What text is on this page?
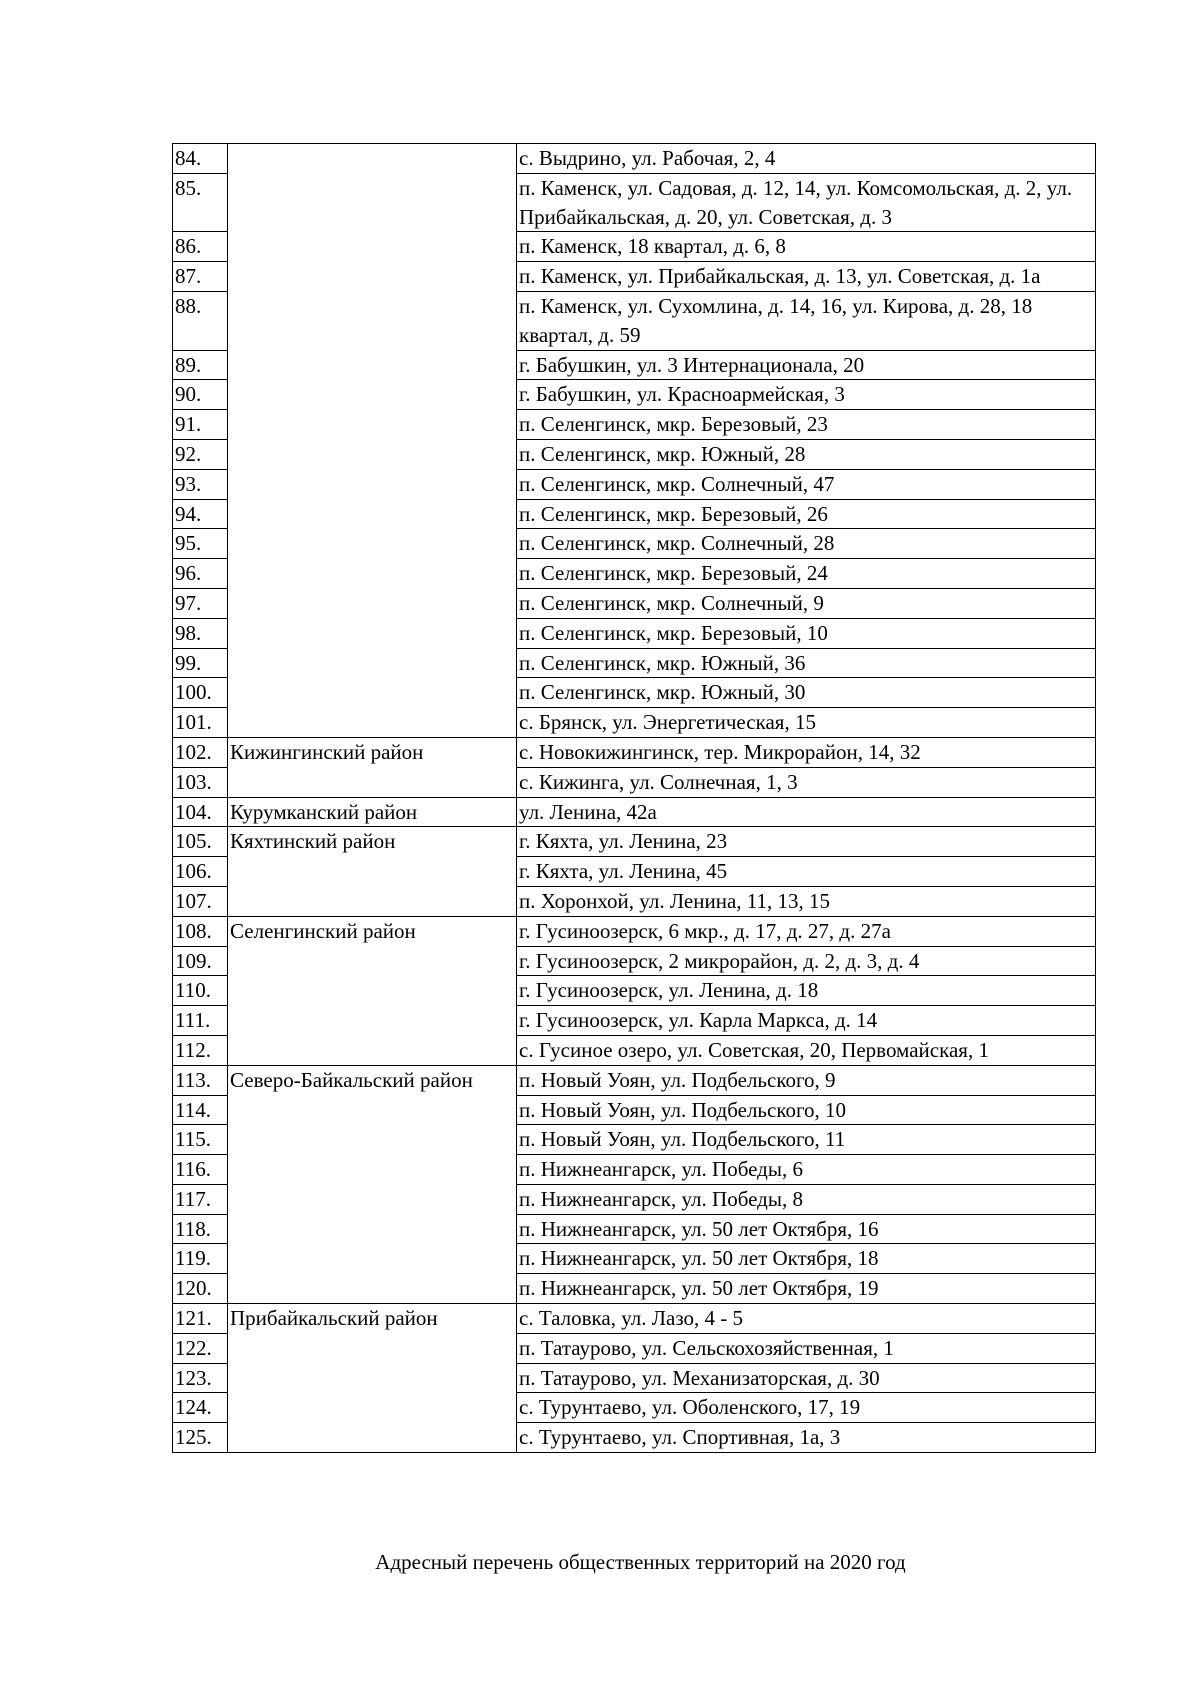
84.		с. Выдрино, ул. Рабочая, 2, 4
85.		п. Каменск, ул. Садовая, д. 12, 14, ул. Комсомольская, д. 2, ул. Прибайкальская, д. 20, ул. Советская, д. 3
86.		п. Каменск, 18 квартал, д. 6, 8
87.		п. Каменск, ул. Прибайкальская, д. 13, ул. Советская, д. 1а
88.		п. Каменск, ул. Сухомлина, д. 14, 16, ул. Кирова, д. 28, 18 квартал, д. 59
89.		г. Бабушкин, ул. 3 Интернационала, 20
90.		г. Бабушкин, ул. Красноармейская, 3
91.		п. Селенгинск, мкр. Березовый, 23
92.		п. Селенгинск, мкр. Южный, 28
93.		п. Селенгинск, мкр. Солнечный, 47
94.		п. Селенгинск, мкр. Березовый, 26
95.		п. Селенгинск, мкр. Солнечный, 28
96.		п. Селенгинск, мкр. Березовый, 24
97.		п. Селенгинск, мкр. Солнечный, 9
98.		п. Селенгинск, мкр. Березовый, 10
99.		п. Селенгинск, мкр. Южный, 36
100.		п. Селенгинск, мкр. Южный, 30
101.		с. Брянск, ул. Энергетическая, 15
102.	Кижингинский район	с. Новокижингинск, тер. Микрорайон, 14, 32
103.		с. Кижинга, ул. Солнечная, 1, 3
104.	Курумканский район	ул. Ленина, 42а
105.	Кяхтинский район	г. Кяхта, ул. Ленина, 23
106.		г. Кяхта, ул. Ленина, 45
107.		п. Хоронхой, ул. Ленина, 11, 13, 15
108.	Селенгинский район	г. Гусиноозерск, 6 мкр., д. 17, д. 27, д. 27а
109.		г. Гусиноозерск, 2 микрорайон, д. 2, д. 3, д. 4
110.		г. Гусиноозерск, ул. Ленина, д. 18
111.		г. Гусиноозерск, ул. Карла Маркса, д. 14
112.		с. Гусиное озеро, ул. Советская, 20, Первомайская, 1
113.	Северо-Байкальский район	п. Новый Уоян, ул. Подбельского, 9
114.		п. Новый Уоян, ул. Подбельского, 10
115.		п. Новый Уоян, ул. Подбельского, 11
116.		п. Нижнеангарск, ул. Победы, 6
117.		п. Нижнеангарск, ул. Победы, 8
118.		п. Нижнеангарск, ул. 50 лет Октября, 16
119.		п. Нижнеангарск, ул. 50 лет Октября, 18
120.		п. Нижнеангарск, ул. 50 лет Октября, 19
121.	Прибайкальский район	с. Таловка, ул. Лазо, 4 - 5
122.		п. Татаурово, ул. Сельскохозяйственная, 1
123.		п. Татаурово, ул. Механизаторская, д. 30
124.		с. Турунтаево, ул. Оболенского, 17, 19
125.		с. Турунтаево, ул. Спортивная, 1а, 3
Адресный перечень общественных территорий на 2020 год
